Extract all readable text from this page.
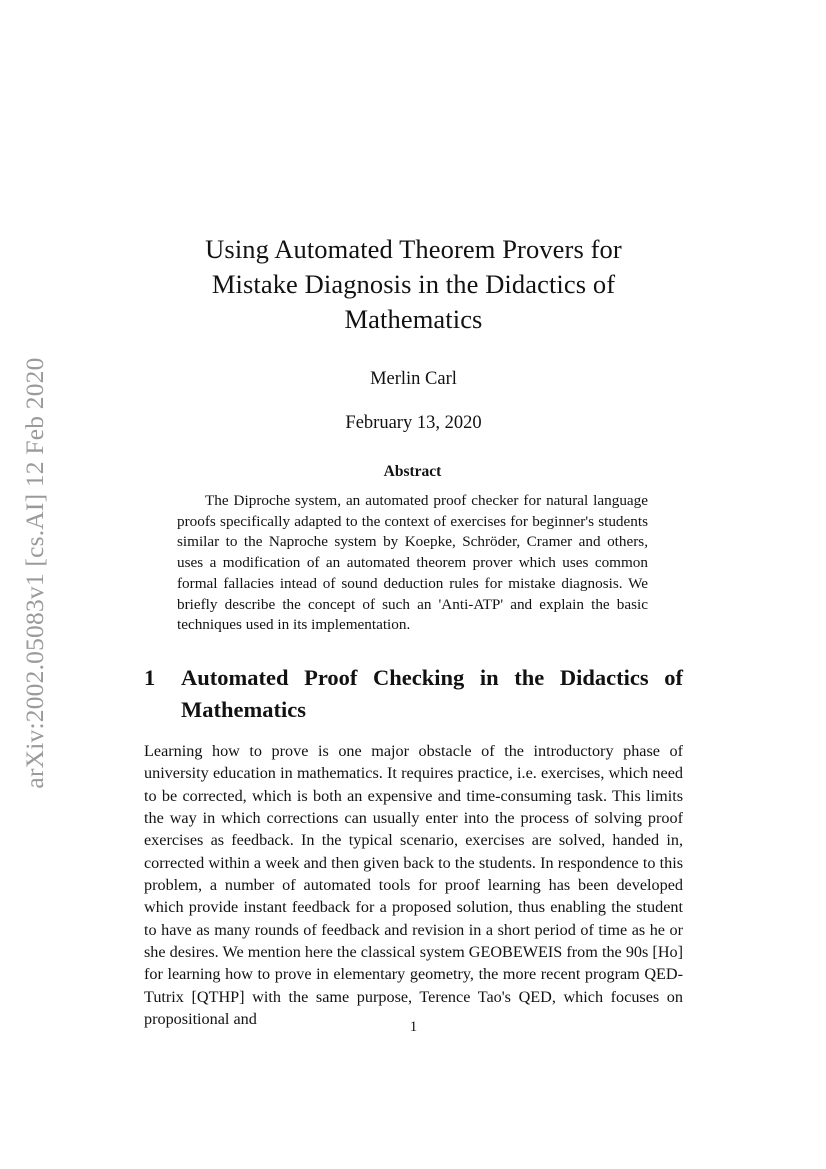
arXiv:2002.05083v1 [cs.AI] 12 Feb 2020
Using Automated Theorem Provers for Mistake Diagnosis in the Didactics of Mathematics
Merlin Carl
February 13, 2020
Abstract

The Diproche system, an automated proof checker for natural language proofs specifically adapted to the context of exercises for beginner's students similar to the Naproche system by Koepke, Schröder, Cramer and others, uses a modification of an automated theorem prover which uses common formal fallacies intead of sound deduction rules for mistake diagnosis. We briefly describe the concept of such an 'Anti-ATP' and explain the basic techniques used in its implementation.

1	Automated Proof Checking in the Didactics of Mathematics

Learning how to prove is one major obstacle of the introductory phase of university education in mathematics. It requires practice, i.e. exercises, which need to be corrected, which is both an expensive and time-consuming task. This limits the way in which corrections can usually enter into the process of solving proof exercises as feedback. In the typical scenario, exercises are solved, handed in, corrected within a week and then given back to the students. In respondence to this problem, a number of automated tools for proof learning has been developed which provide instant feedback for a proposed solution, thus enabling the student to have as many rounds of feedback and revision in a short period of time as he or she desires. We mention here the classical system GEOBEWEIS from the 90s [Ho] for learning how to prove in elementary geometry, the more recent program QED-Tutrix [QTHP] with the same purpose, Terence Tao's QED, which focuses on propositional and	1
